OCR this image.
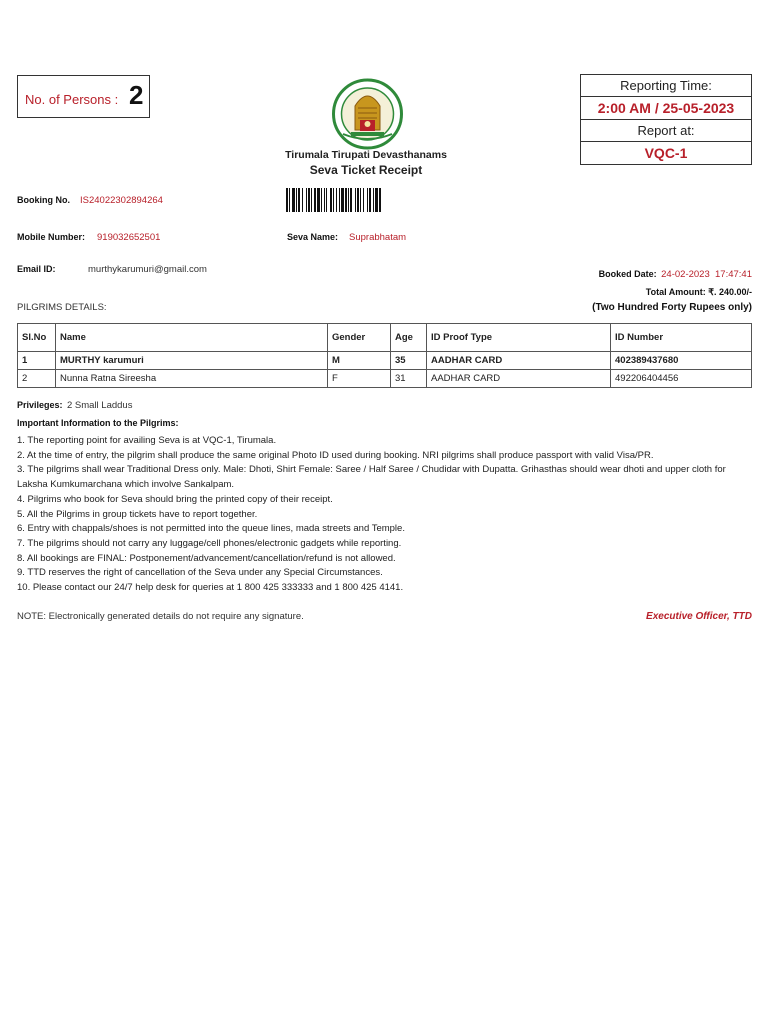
No. of Persons : 2	Reporting Time:
2:00 AM / 25-05-2023
Report at:
VQC-1
Tirumala Tirupati Devasthanams
Seva Ticket Receipt
Booking No. IS24022302894264
Mobile Number: 919032652501	Seva Name: Suprabhatam
Email ID:	murthykarumuri@gmail.com	Booked Date: 24-02-2023  17:47:41
Total Amount: ₹. 240.00/-
(Two Hundred Forty Rupees only)
PILGRIMS DETAILS:
Sl.No	Name	Gender	Age	ID Proof Type	ID Number
1	MURTHY karumuri	M	35	AADHAR CARD	402389437680
2	Nunna Ratna Sireesha	F	31	AADHAR CARD	492206404456
Privileges: 2 Small Laddus
Important Information to the Pilgrims:
1. The reporting point for availing Seva is at VQC-1, Tirumala.
2. At the time of entry, the pilgrim shall produce the same original Photo ID used during booking. NRI pilgrims shall produce passport with valid Visa/PR.
3. The pilgrims shall wear Traditional Dress only. Male: Dhoti, Shirt Female: Saree / Half Saree / Chudidar with Dupatta. Grihasthas should wear dhoti and upper cloth for Laksha Kumkumarchana which involve Sankalpam.
4. Pilgrims who book for Seva should bring the printed copy of their receipt.
5. All the Pilgrims in group tickets have to report together.
6. Entry with chappals/shoes is not permitted into the queue lines, mada streets and Temple.
7. The pilgrims should not carry any luggage/cell phones/electronic gadgets while reporting.
8. All bookings are FINAL: Postponement/advancement/cancellation/refund is not allowed.
9. TTD reserves the right of cancellation of the Seva under any Special Circumstances.
10. Please contact our 24/7 help desk for queries at 1 800 425 333333 and 1 800 425 4141.
NOTE: Electronically generated details do not require any signature.	Executive Officer, TTD
